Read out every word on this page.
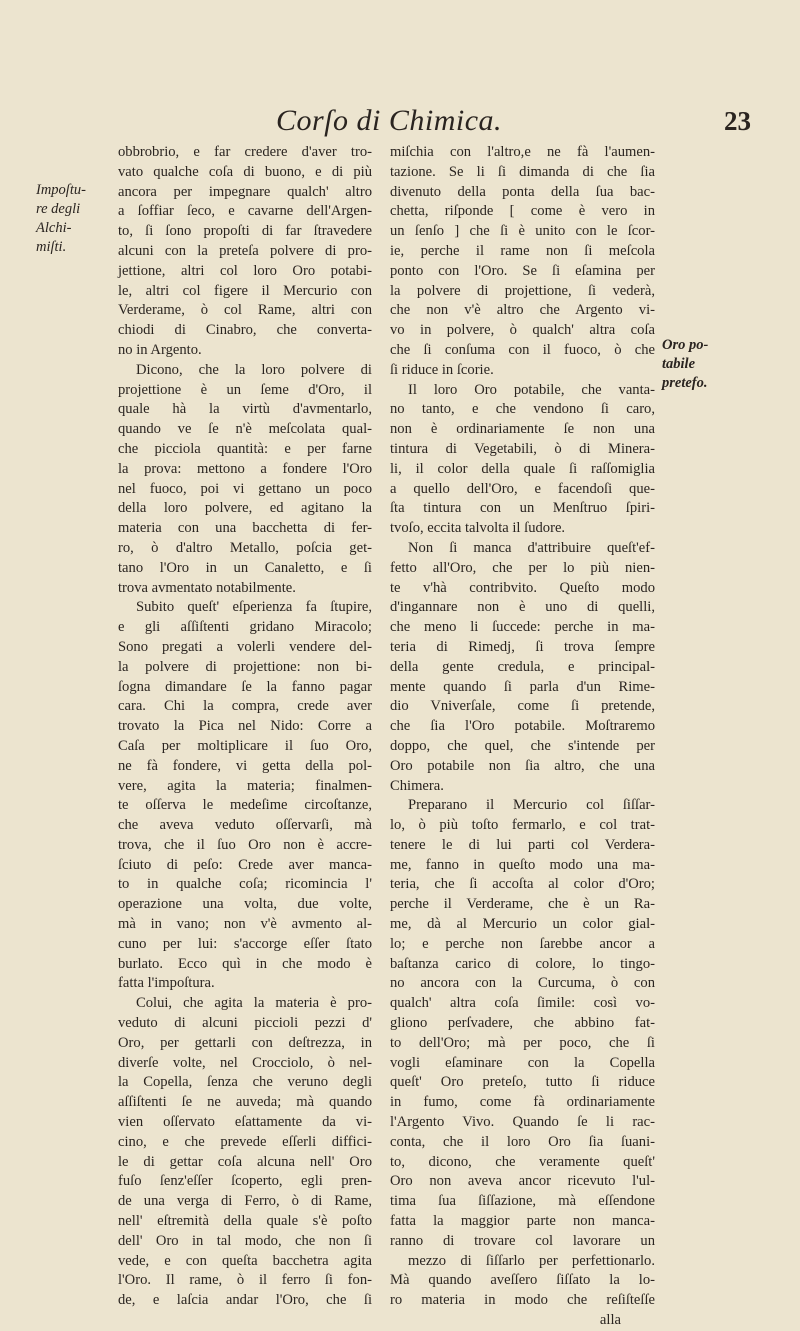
Corſo di Chimica.	23
Impoſtu-
re degli
Alchi-
miſti.
Oro po-
tabile
pretefo.
obbrobrio, e far credere d'aver tro-
vato qualche coſa di buono, e di più
ancora per impegnare qualch' altro
a ſoffiar ſeco, e cavarne dell'Argen-
to, ſi ſono propoſti di far ſtravedere
alcuni con la preteſa polvere di pro-
jettione, altri col loro Oro potabi-
le, altri col figere il Mercurio con
Verderame, ò col Rame, altri con
chiodi di Cinabro, che converta-
no in Argento.
Dicono, che la loro polvere di
projettione è un ſeme d'Oro, il
quale hà la virtù d'avmentarlo,
quando ve ſe n'è meſcolata qual-
che picciola quantità: e per farne
la prova: mettono a fondere l'Oro
nel fuoco, poi vi gettano un poco
della loro polvere, ed agitano la
materia con una bacchetta di fer-
ro, ò d'altro Metallo, poſcia get-
tano l'Oro in un Canaletto, e ſi
trova avmentato notabilmente.
Subito queſt' eſperienza fa ſtupire,
e gli aſſiſtenti gridano Miracolo;
Sono pregati a volerli vendere del-
la polvere di projettione: non bi-
ſogna dimandare ſe la fanno pagar
cara. Chi la compra, crede aver
trovato la Pica nel Nido: Corre a
Caſa per moltiplicare il ſuo Oro,
ne fà fondere, vi getta della pol-
vere, agita la materia; finalmen-
te oſſerva le medeſime circoſtanze,
che aveva veduto oſſervarſi, mà
trova, che il ſuo Oro non è accre-
ſciuto di peſo: Crede aver manca-
to in qualche coſa; ricomincia l'
operazione una volta, due volte,
mà in vano; non v'è avmento al-
cuno per lui: s'accorge eſſer ſtato
burlato. Ecco quì in che modo è
fatta l'impoſtura.
Colui, che agita la materia è pro-
veduto di alcuni piccioli pezzi d'
Oro, per gettarli con deſtrezza, in
diverſe volte, nel Crocciolo, ò nel-
la Copella, ſenza che veruno degli
aſſiſtenti ſe ne auveda; mà quando
vien oſſervato eſattamente da vi-
cino, e che prevede eſſerli diffici-
le di gettar coſa alcuna nell' Oro
fuſo ſenz'eſſer ſcoperto, egli pren-
de una verga di Ferro, ò di Rame,
nell' eſtremità della quale s'è poſto
dell' Oro in tal modo, che non ſi
vede, e con queſta bacchetra agita
l'Oro. Il rame, ò il ferro ſi fon-
de, e laſcia andar l'Oro, che ſi
miſchia con l'altro,e ne fà l'aumen-
tazione. Se li ſi dimanda di che ſia
divenuto della ponta della ſua bac-
chetta, riſponde [ come è vero in
un ſenſo ] che ſi è unito con le ſcor-
ie, perche il rame non ſi meſcola
ponto con l'Oro. Se ſi eſamina per
la polvere di projettione, ſi vederà,
che non v'è altro che Argento vi-
vo in polvere, ò qualch' altra coſa
che ſi conſuma con il fuoco, ò che
ſi riduce in ſcorie.
Il loro Oro potabile, che vanta-
no tanto, e che vendono ſi caro,
non è ordinariamente ſe non una
tintura di Vegetabili, ò di Minera-
li, il color della quale ſi raſſomiglia
a quello dell'Oro, e facendoſi que-
ſta tintura con un Menſtruo ſpiri-
tvoſo, eccita talvolta il ſudore.
Non ſi manca d'attribuire queſt'ef-
fetto all'Oro, che per lo più nien-
te v'hà contribvito. Queſto modo
d'ingannare non è uno di quelli,
che meno li ſuccede: perche in ma-
teria di Rimedj, ſi trova ſempre
della gente credula, e principal-
mente quando ſi parla d'un Rime-
dio Vniverſale, come ſi pretende,
che ſia l'Oro potabile. Moſtraremo
doppo, che quel, che s'intende per
Oro potabile non ſia altro, che una
Chimera.
Preparano il Mercurio col ſiſſar-
lo, ò più toſto fermarlo, e col trat-
tenere le di lui parti col Verdera-
me, fanno in queſto modo una ma-
teria, che ſi accoſta al color d'Oro;
perche il Verderame, che è un Ra-
me, dà al Mercurio un color gial-
lo; e perche non ſarebbe ancor a
baſtanza carico di colore, lo tingo-
no ancora con la Curcuma, ò con
qualch' altra coſa ſimile: così vo-
gliono perſvadere, che abbino fat-
to dell'Oro; mà per poco, che ſi
vogli eſaminare con la Copella
queſt' Oro preteſo, tutto ſi riduce
in fumo, come fà ordinariamente
l'Argento Vivo. Quando ſe li rac-
conta, che il loro Oro ſia ſuani-
to, dicono, che veramente queſt'
Oro non aveva ancor ricevuto l'ul-
tima ſua ſiſſazione, mà eſſendone
fatta la maggior parte non manca-
ranno di trovare col lavorare un
mezzo di ſiſſarlo per perfettionarlo.
Mà quando aveſſero ſiſſato la lo-
ro materia in modo che reſiſteſſe
alla
